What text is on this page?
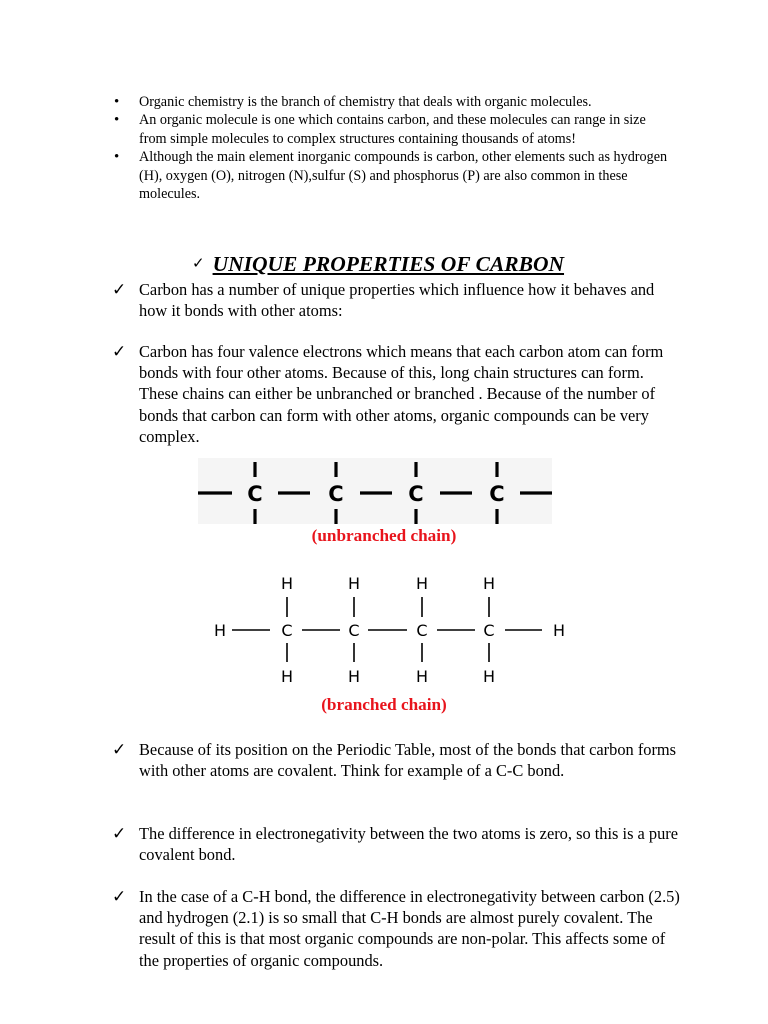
• Organic chemistry is the branch of chemistry that deals with organic molecules.
• An organic molecule is one which contains carbon, and these molecules can range in size from simple molecules to complex structures containing thousands of atoms!
• Although the main element inorganic compounds is carbon, other elements such as hydrogen (H), oxygen (O), nitrogen (N),sulfur (S) and phosphorus (P) are also common in these molecules.
✓ UNIQUE PROPERTIES OF CARBON
✓ Carbon has a number of unique properties which influence how it behaves and how it bonds with other atoms:
✓ Carbon has four valence electrons which means that each carbon atom can form bonds with four other atoms. Because of this, long chain structures can form. These chains can either be unbranched or branched . Because of the number of bonds that carbon can form with other atoms, organic compounds can be very complex.
C	C	C	C
(unbranched chain)
H	H
C	C	C	C
H	H	H	H
H	H	H	H
(branched chain)
✓ Because of its position on the Periodic Table, most of the bonds that carbon forms with other atoms are covalent. Think for example of a C-C bond.
✓ The difference in electronegativity between the two atoms is zero, so this is a pure covalent bond.
✓ In the case of a C-H bond, the difference in electronegativity between carbon (2.5) and hydrogen (2.1) is so small that C-H bonds are almost purely covalent. The result of this is that most organic compounds are non-polar. This affects some of the properties of organic compounds.
